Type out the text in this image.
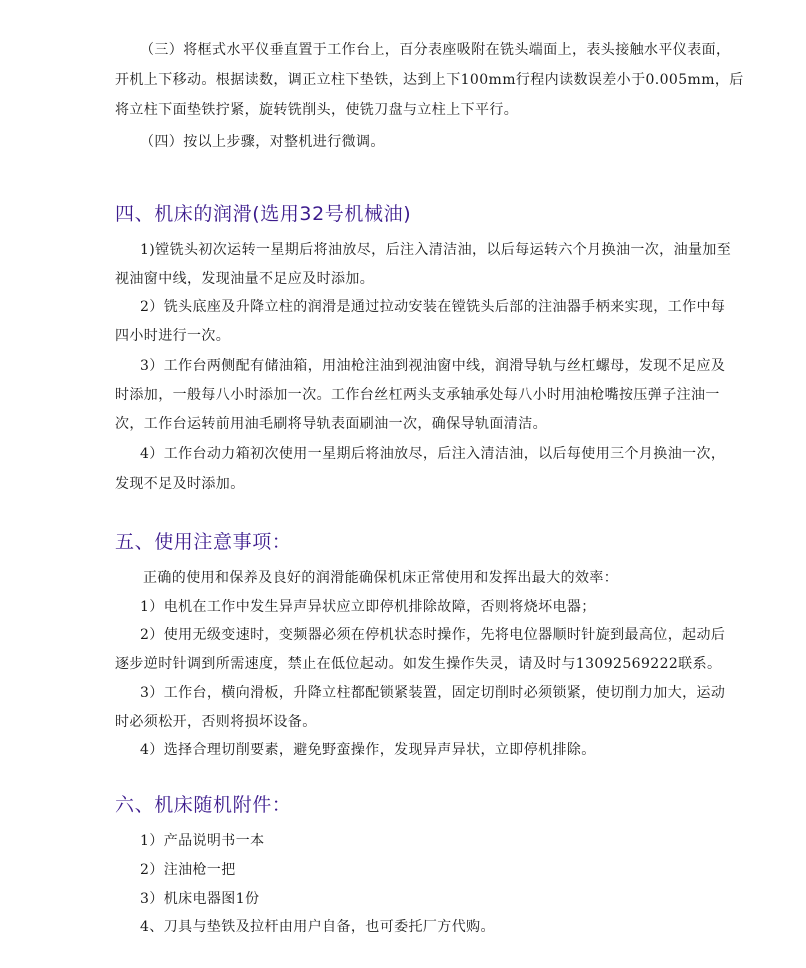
（三）将框式水平仪垂直置于工作台上，百分表座吸附在铣头端面上，表头接触水平仪表面，
开机上下移动。根据读数，调正立柱下垫铁，达到上下100mm行程内读数误差小于0.005mm，后
将立柱下面垫铁拧紧，旋转铣削头，使铣刀盘与立柱上下平行。
（四）按以上步骤，对整机进行微调。
四、机床的润滑(选用32号机械油)
1)镗铣头初次运转一星期后将油放尽，后注入清洁油，以后每运转六个月换油一次，油量加至
视油窗中线，发现油量不足应及时添加。
2）铣头底座及升降立柱的润滑是通过拉动安装在镗铣头后部的注油器手柄来实现，工作中每
四小时进行一次。
3）工作台两侧配有储油箱，用油枪注油到视油窗中线，润滑导轨与丝杠螺母，发现不足应及
时添加，一般每八小时添加一次。工作台丝杠两头支承轴承处每八小时用油枪嘴按压弹子注油一
次，工作台运转前用油毛刷将导轨表面刷油一次，确保导轨面清洁。
4）工作台动力箱初次使用一星期后将油放尽，后注入清洁油，以后每使用三个月换油一次，
发现不足及时添加。
五、使用注意事项：
正确的使用和保养及良好的润滑能确保机床正常使用和发挥出最大的效率：
1）电机在工作中发生异声异状应立即停机排除故障，否则将烧坏电器；
2）使用无级变速时，变频器必须在停机状态时操作，先将电位器顺时针旋到最高位，起动后
逐步逆时针调到所需速度，禁止在低位起动。如发生操作失灵，请及时与13092569222联系。
3）工作台，横向滑板，升降立柱都配锁紧装置，固定切削时必须锁紧，使切削力加大，运动
时必须松开，否则将损坏设备。
4）选择合理切削要素，避免野蛮操作，发现异声异状，立即停机排除。
六、机床随机附件：
1）产品说明书一本
2）注油枪一把
3）机床电器图1份
4、刀具与垫铁及拉杆由用户自备，也可委托厂方代购。
